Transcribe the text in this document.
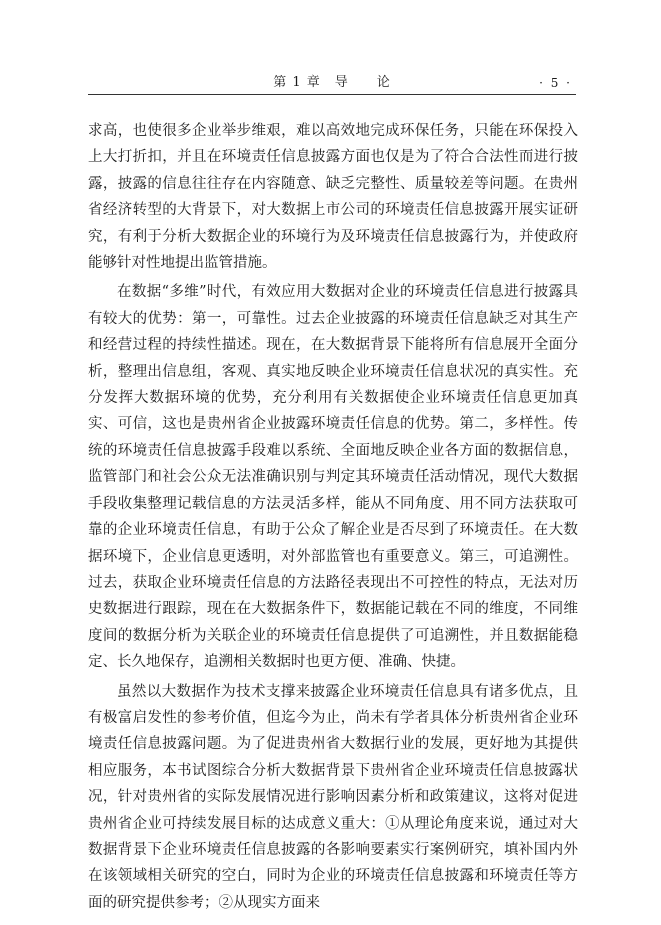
第 1 章　导　　论	· 5 ·

求高，也使很多企业举步维艰，难以高效地完成环保任务，只能在环保投入上大打折扣，并且在环境责任信息披露方面也仅是为了符合合法性而进行披露，披露的信息往往存在内容随意、缺乏完整性、质量较差等问题。在贵州省经济转型的大背景下，对大数据上市公司的环境责任信息披露开展实证研究，有利于分析大数据企业的环境行为及环境责任信息披露行为，并使政府能够针对性地提出监管措施。

在数据“多维”时代，有效应用大数据对企业的环境责任信息进行披露具有较大的优势：第一，可靠性。过去企业披露的环境责任信息缺乏对其生产和经营过程的持续性描述。现在，在大数据背景下能将所有信息展开全面分析，整理出信息组，客观、真实地反映企业环境责任信息状况的真实性。充分发挥大数据环境的优势，充分利用有关数据使企业环境责任信息更加真实、可信，这也是贵州省企业披露环境责任信息的优势。第二，多样性。传统的环境责任信息披露手段难以系统、全面地反映企业各方面的数据信息，监管部门和社会公众无法准确识别与判定其环境责任活动情况，现代大数据手段收集整理记载信息的方法灵活多样，能从不同角度、用不同方法获取可靠的企业环境责任信息，有助于公众了解企业是否尽到了环境责任。在大数据环境下，企业信息更透明，对外部监管也有重要意义。第三，可追溯性。过去，获取企业环境责任信息的方法路径表现出不可控性的特点，无法对历史数据进行跟踪，现在在大数据条件下，数据能记载在不同的维度，不同维度间的数据分析为关联企业的环境责任信息提供了可追溯性，并且数据能稳定、长久地保存，追溯相关数据时也更方便、准确、快捷。

虽然以大数据作为技术支撑来披露企业环境责任信息具有诸多优点，且有极富启发性的参考价值，但迄今为止，尚未有学者具体分析贵州省企业环境责任信息披露问题。为了促进贵州省大数据行业的发展，更好地为其提供相应服务，本书试图综合分析大数据背景下贵州省企业环境责任信息披露状况，针对贵州省的实际发展情况进行影响因素分析和政策建议，这将对促进贵州省企业可持续发展目标的达成意义重大：①从理论角度来说，通过对大数据背景下企业环境责任信息披露的各影响要素实行案例研究，填补国内外在该领域相关研究的空白，同时为企业的环境责任信息披露和环境责任等方面的研究提供参考；②从现实方面来
